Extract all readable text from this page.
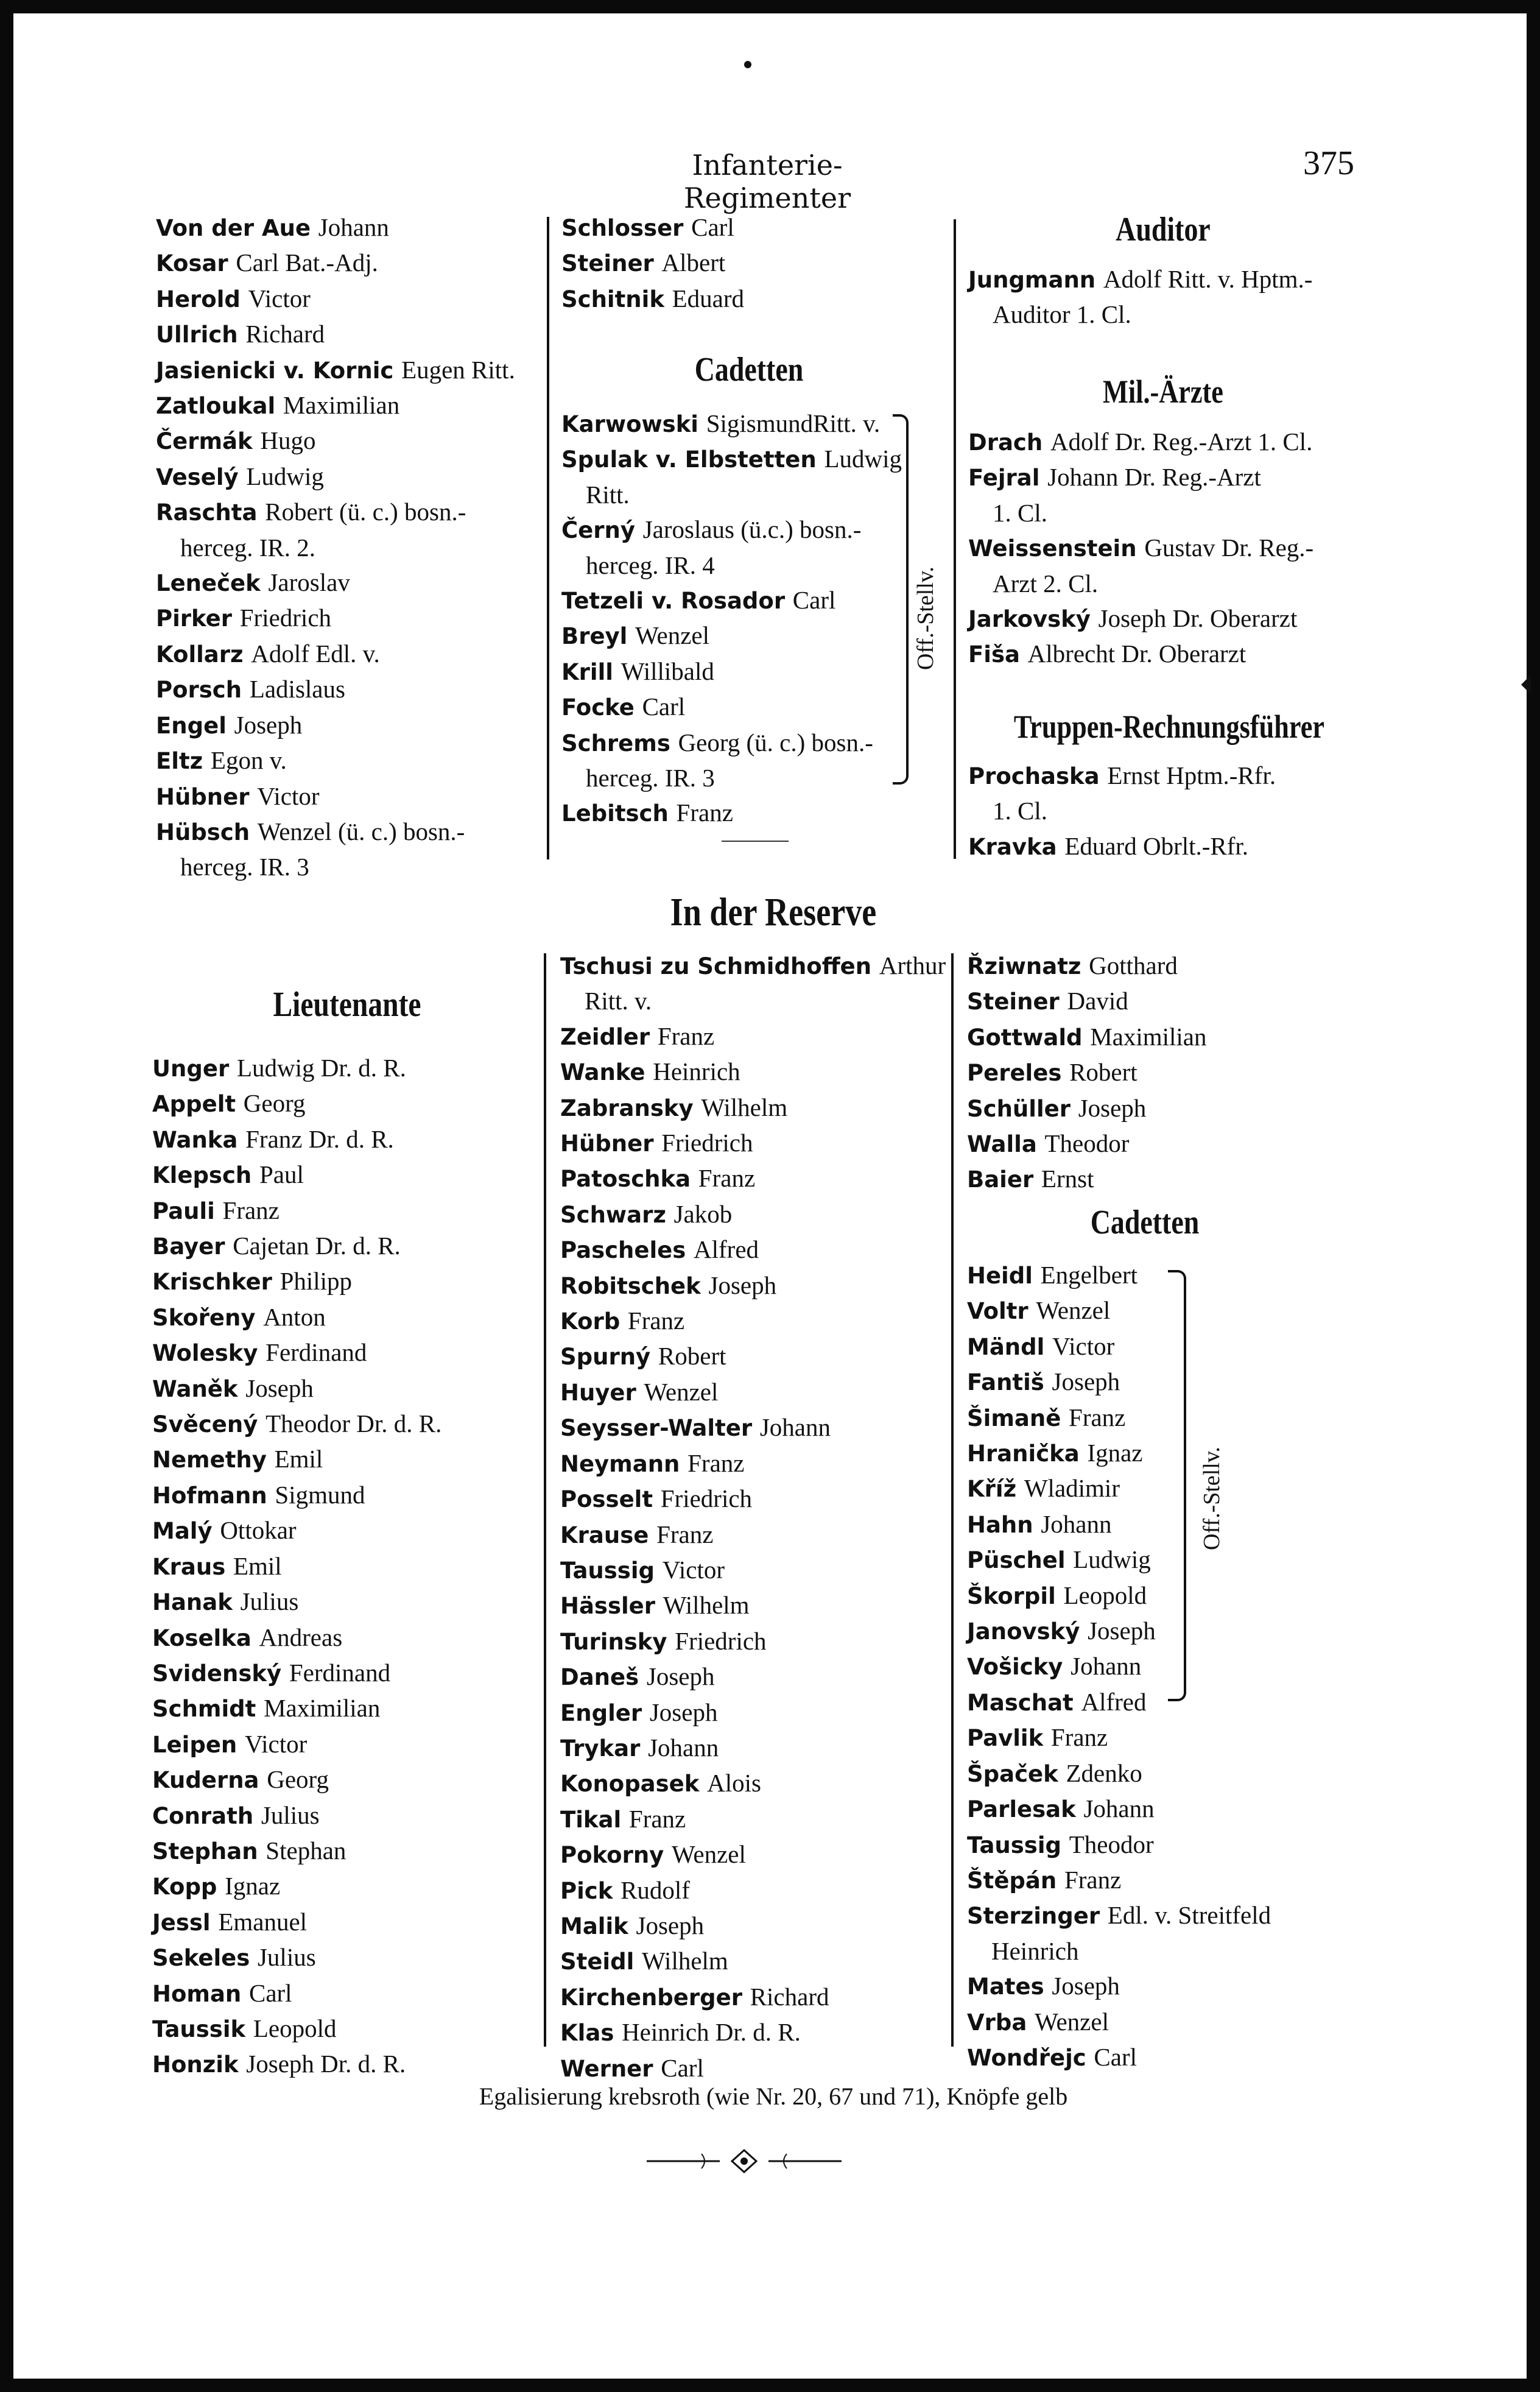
Infanterie-Regimenter
375
Von der Aue Johann
Kosar Carl Bat.-Adj.
Herold Victor
Ullrich Richard
Jasienicki v. Kornic Eugen Ritt.
Zatloukal Maximilian
Čermák Hugo
Veselý Ludwig
Raschta Robert (ü. c.) bosn.-
herceg. IR. 2.
Leneček Jaroslav
Pirker Friedrich
Kollarz Adolf Edl. v.
Porsch Ladislaus
Engel Joseph
Eltz Egon v.
Hübner Victor
Hübsch Wenzel (ü. c.) bosn.-
herceg. IR. 3
Schlosser Carl
Steiner Albert
Schitnik Eduard
Cadetten
Karwowski SigismundRitt. v.
Spulak v. Elbstetten Ludwig
Ritt.
Černý Jaroslaus (ü.c.) bosn.-
herceg. IR. 4
Tetzeli v. Rosador Carl
Breyl Wenzel
Krill Willibald
Focke Carl
Schrems Georg (ü. c.) bosn.-
herceg. IR. 3
Lebitsch Franz
Off.-Stellv.
Auditor
Jungmann Adolf Ritt. v. Hptm.-
Auditor 1. Cl.
Mil.-Ärzte
Drach Adolf Dr. Reg.-Arzt 1. Cl.
Fejral Johann Dr. Reg.-Arzt
1. Cl.
Weissenstein Gustav Dr. Reg.-
Arzt 2. Cl.
Jarkovský Joseph Dr. Oberarzt
Fiša Albrecht Dr. Oberarzt
Truppen-Rechnungsführer
Prochaska Ernst Hptm.-Rfr.
1. Cl.
Kravka Eduard Obrlt.-Rfr.
In der Reserve
Lieutenante
Unger Ludwig Dr. d. R.
Appelt Georg
Wanka Franz Dr. d. R.
Klepsch Paul
Pauli Franz
Bayer Cajetan Dr. d. R.
Krischker Philipp
Skořeny Anton
Wolesky Ferdinand
Waněk Joseph
Svěcený Theodor Dr. d. R.
Nemethy Emil
Hofmann Sigmund
Malý Ottokar
Kraus Emil
Hanak Julius
Koselka Andreas
Svidenský Ferdinand
Schmidt Maximilian
Leipen Victor
Kuderna Georg
Conrath Julius
Stephan Stephan
Kopp Ignaz
Jessl Emanuel
Sekeles Julius
Homan Carl
Taussik Leopold
Honzik Joseph Dr. d. R.
Tschusi zu Schmidhoffen Arthur
Ritt. v.
Zeidler Franz
Wanke Heinrich
Zabransky Wilhelm
Hübner Friedrich
Patoschka Franz
Schwarz Jakob
Pascheles Alfred
Robitschek Joseph
Korb Franz
Spurný Robert
Huyer Wenzel
Seysser-Walter Johann
Neymann Franz
Posselt Friedrich
Krause Franz
Taussig Victor
Hässler Wilhelm
Turinsky Friedrich
Daneš Joseph
Engler Joseph
Trykar Johann
Konopasek Alois
Tikal Franz
Pokorny Wenzel
Pick Rudolf
Malik Joseph
Steidl Wilhelm
Kirchenberger Richard
Klas Heinrich Dr. d. R.
Werner Carl
Řziwnatz Gotthard
Steiner David
Gottwald Maximilian
Pereles Robert
Schüller Joseph
Walla Theodor
Baier Ernst
Cadetten
Heidl Engelbert
Voltr Wenzel
Mändl Victor
Fantiš Joseph
Šimaně Franz
Hranička Ignaz
Kříž Wladimir
Hahn Johann
Püschel Ludwig
Škorpil Leopold
Janovský Joseph
Vošicky Johann
Maschat Alfred
Pavlik Franz
Špaček Zdenko
Parlesak Johann
Taussig Theodor
Štěpán Franz
Sterzinger Edl. v. Streitfeld
Heinrich
Mates Joseph
Vrba Wenzel
Wondřejc Carl
Off.-Stellv.
Egalisierung krebsroth (wie Nr. 20, 67 und 71), Knöpfe gelb
